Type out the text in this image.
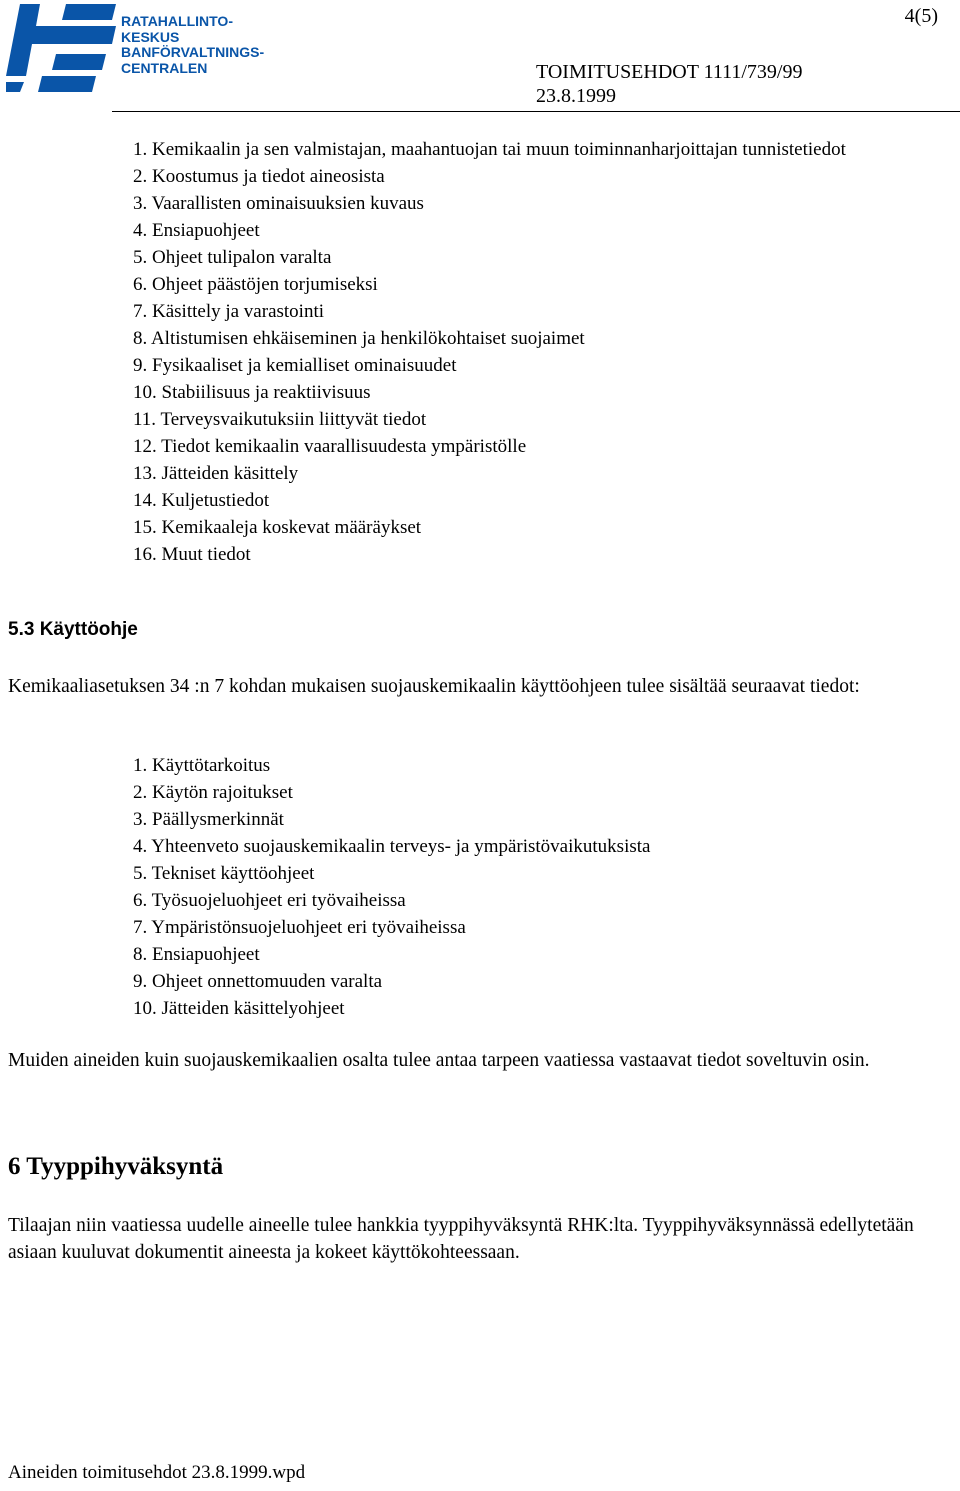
RATAHALLINTO-
KESKUS
BANFÖRVALTNINGS-
CENTRALEN
4(5)
TOIMITUSEHDOT 1111/739/99
23.8.1999
1. Kemikaalin ja sen valmistajan, maahantuojan tai muun toiminnanharjoittajan tunnistetiedot
2. Koostumus ja tiedot aineosista
3. Vaarallisten ominaisuuksien kuvaus
4. Ensiapuohjeet
5. Ohjeet tulipalon varalta
6. Ohjeet päästöjen torjumiseksi
7. Käsittely ja varastointi
8. Altistumisen ehkäiseminen ja henkilökohtaiset suojaimet
9. Fysikaaliset ja kemialliset ominaisuudet
10. Stabiilisuus ja reaktiivisuus
11. Terveysvaikutuksiin liittyvät tiedot
12. Tiedot kemikaalin vaarallisuudesta ympäristölle
13. Jätteiden käsittely
14. Kuljetustiedot
15. Kemikaaleja koskevat määräykset
16. Muut tiedot
5.3 Käyttöohje
Kemikaaliasetuksen 34 :n 7 kohdan mukaisen suojauskemikaalin käyttöohjeen tulee sisältää seuraavat tiedot:
1. Käyttötarkoitus
2. Käytön rajoitukset
3. Päällysmerkinnät
4. Yhteenveto suojauskemikaalin terveys- ja ympäristövaikutuksista
5. Tekniset käyttöohjeet
6. Työsuojeluohjeet eri työvaiheissa
7. Ympäristönsuojeluohjeet eri työvaiheissa
8. Ensiapuohjeet
9. Ohjeet onnettomuuden varalta
10. Jätteiden käsittelyohjeet
Muiden aineiden kuin suojauskemikaalien osalta tulee antaa tarpeen vaatiessa vastaavat tiedot soveltuvin osin.
6 Tyyppihyväksyntä
Tilaajan niin vaatiessa uudelle aineelle tulee hankkia tyyppihyväksyntä RHK:lta. Tyyppihyväksynnässä edellytetään asiaan kuuluvat dokumentit aineesta ja kokeet käyttökohteessaan.
Aineiden toimitusehdot 23.8.1999.wpd
